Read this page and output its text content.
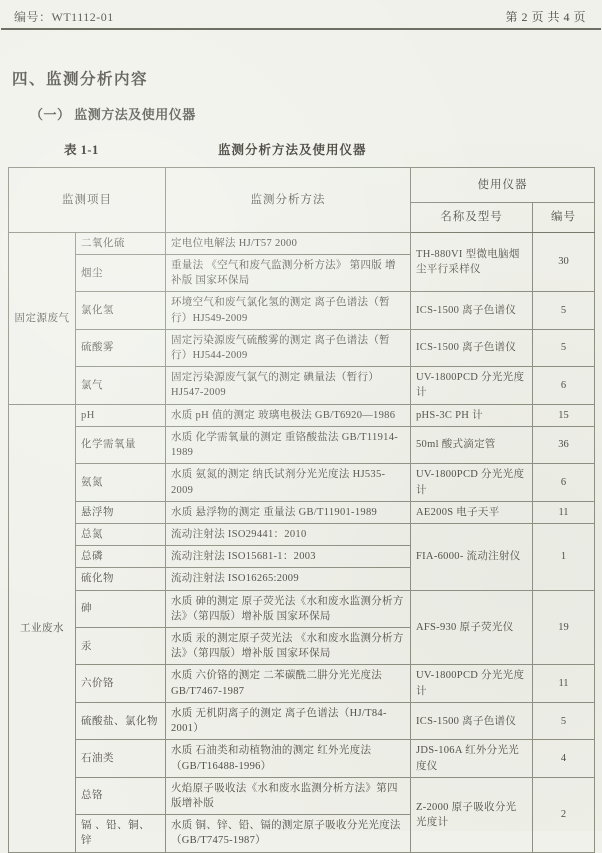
编号：WT1112-01	第 2 页 共 4 页
四、监测分析内容
（一） 监测方法及使用仪器
表 1-1	监测分析方法及使用仪器
监测项目		监测分析方法	使用仪器	
			名称及型号	编号
固定源废气	二氧化硫	定电位电解法 HJ/T57 2000	TH-880VI 型微电脑烟尘平行采样仪	30
	烟尘	重量法 《空气和废气监测分析方法》 第四版 增补版 国家环保局		
	氯化氢	环境空气和废气氯化氢的测定 离子色谱法（暂行）HJ549-2009	ICS-1500 离子色谱仪	5
	硫酸雾	固定污染源废气硫酸雾的测定 离子色谱法（暂行）HJ544-2009	ICS-1500 离子色谱仪	5
	氯气	固定污染源废气氯气的测定 碘量法（暂行）HJ547-2009	UV-1800PCD 分光光度计	6
工业废水	pH	水质 pH 值的测定 玻璃电极法 GB/T6920—1986	pHS-3C PH 计	15
	化学需氧量	水质 化学需氧量的测定 重铬酸盐法 GB/T11914-1989	50ml 酸式滴定管	36
	氨氮	水质 氨氮的测定 纳氏试剂分光光度法 HJ535-2009	UV-1800PCD 分光光度计	6
	悬浮物	水质 悬浮物的测定 重量法 GB/T11901-1989	AE200S 电子天平	11
	总氮	流动注射法 ISO29441：2010	FIA-6000- 流动注射仪	1
	总磷	流动注射法 ISO15681-1：2003		
	硫化物	流动注射法 ISO16265:2009		
	砷	水质 砷的测定 原子荧光法《水和废水监测分析方法》（第四版）增补版 国家环保局	AFS-930 原子荧光仪	19
	汞	水质 汞的测定原子荧光法 《水和废水监测分析方法》（第四版）增补版 国家环保局		
	六价铬	水质 六价铬的测定 二苯碳酰二肼分光光度法 GB/T7467-1987	UV-1800PCD 分光光度计	11
	硫酸盐、氯化物	水质 无机阴离子的测定 离子色谱法（HJ/T84-2001）	ICS-1500 离子色谱仪	5
	石油类	水质 石油类和动植物油的测定 红外光度法（GB/T16488-1996）	JDS-106A 红外分光光度仪	4
	总铬	火焰原子吸收法《水和废水监测分析方法》第四版增补版	Z-2000 原子吸收分光光度计	2
	镉 、铅、铜、锌	水质 铜、锌、铅、镉的测定原子吸收分光光度法（GB/T7475-1987）		
